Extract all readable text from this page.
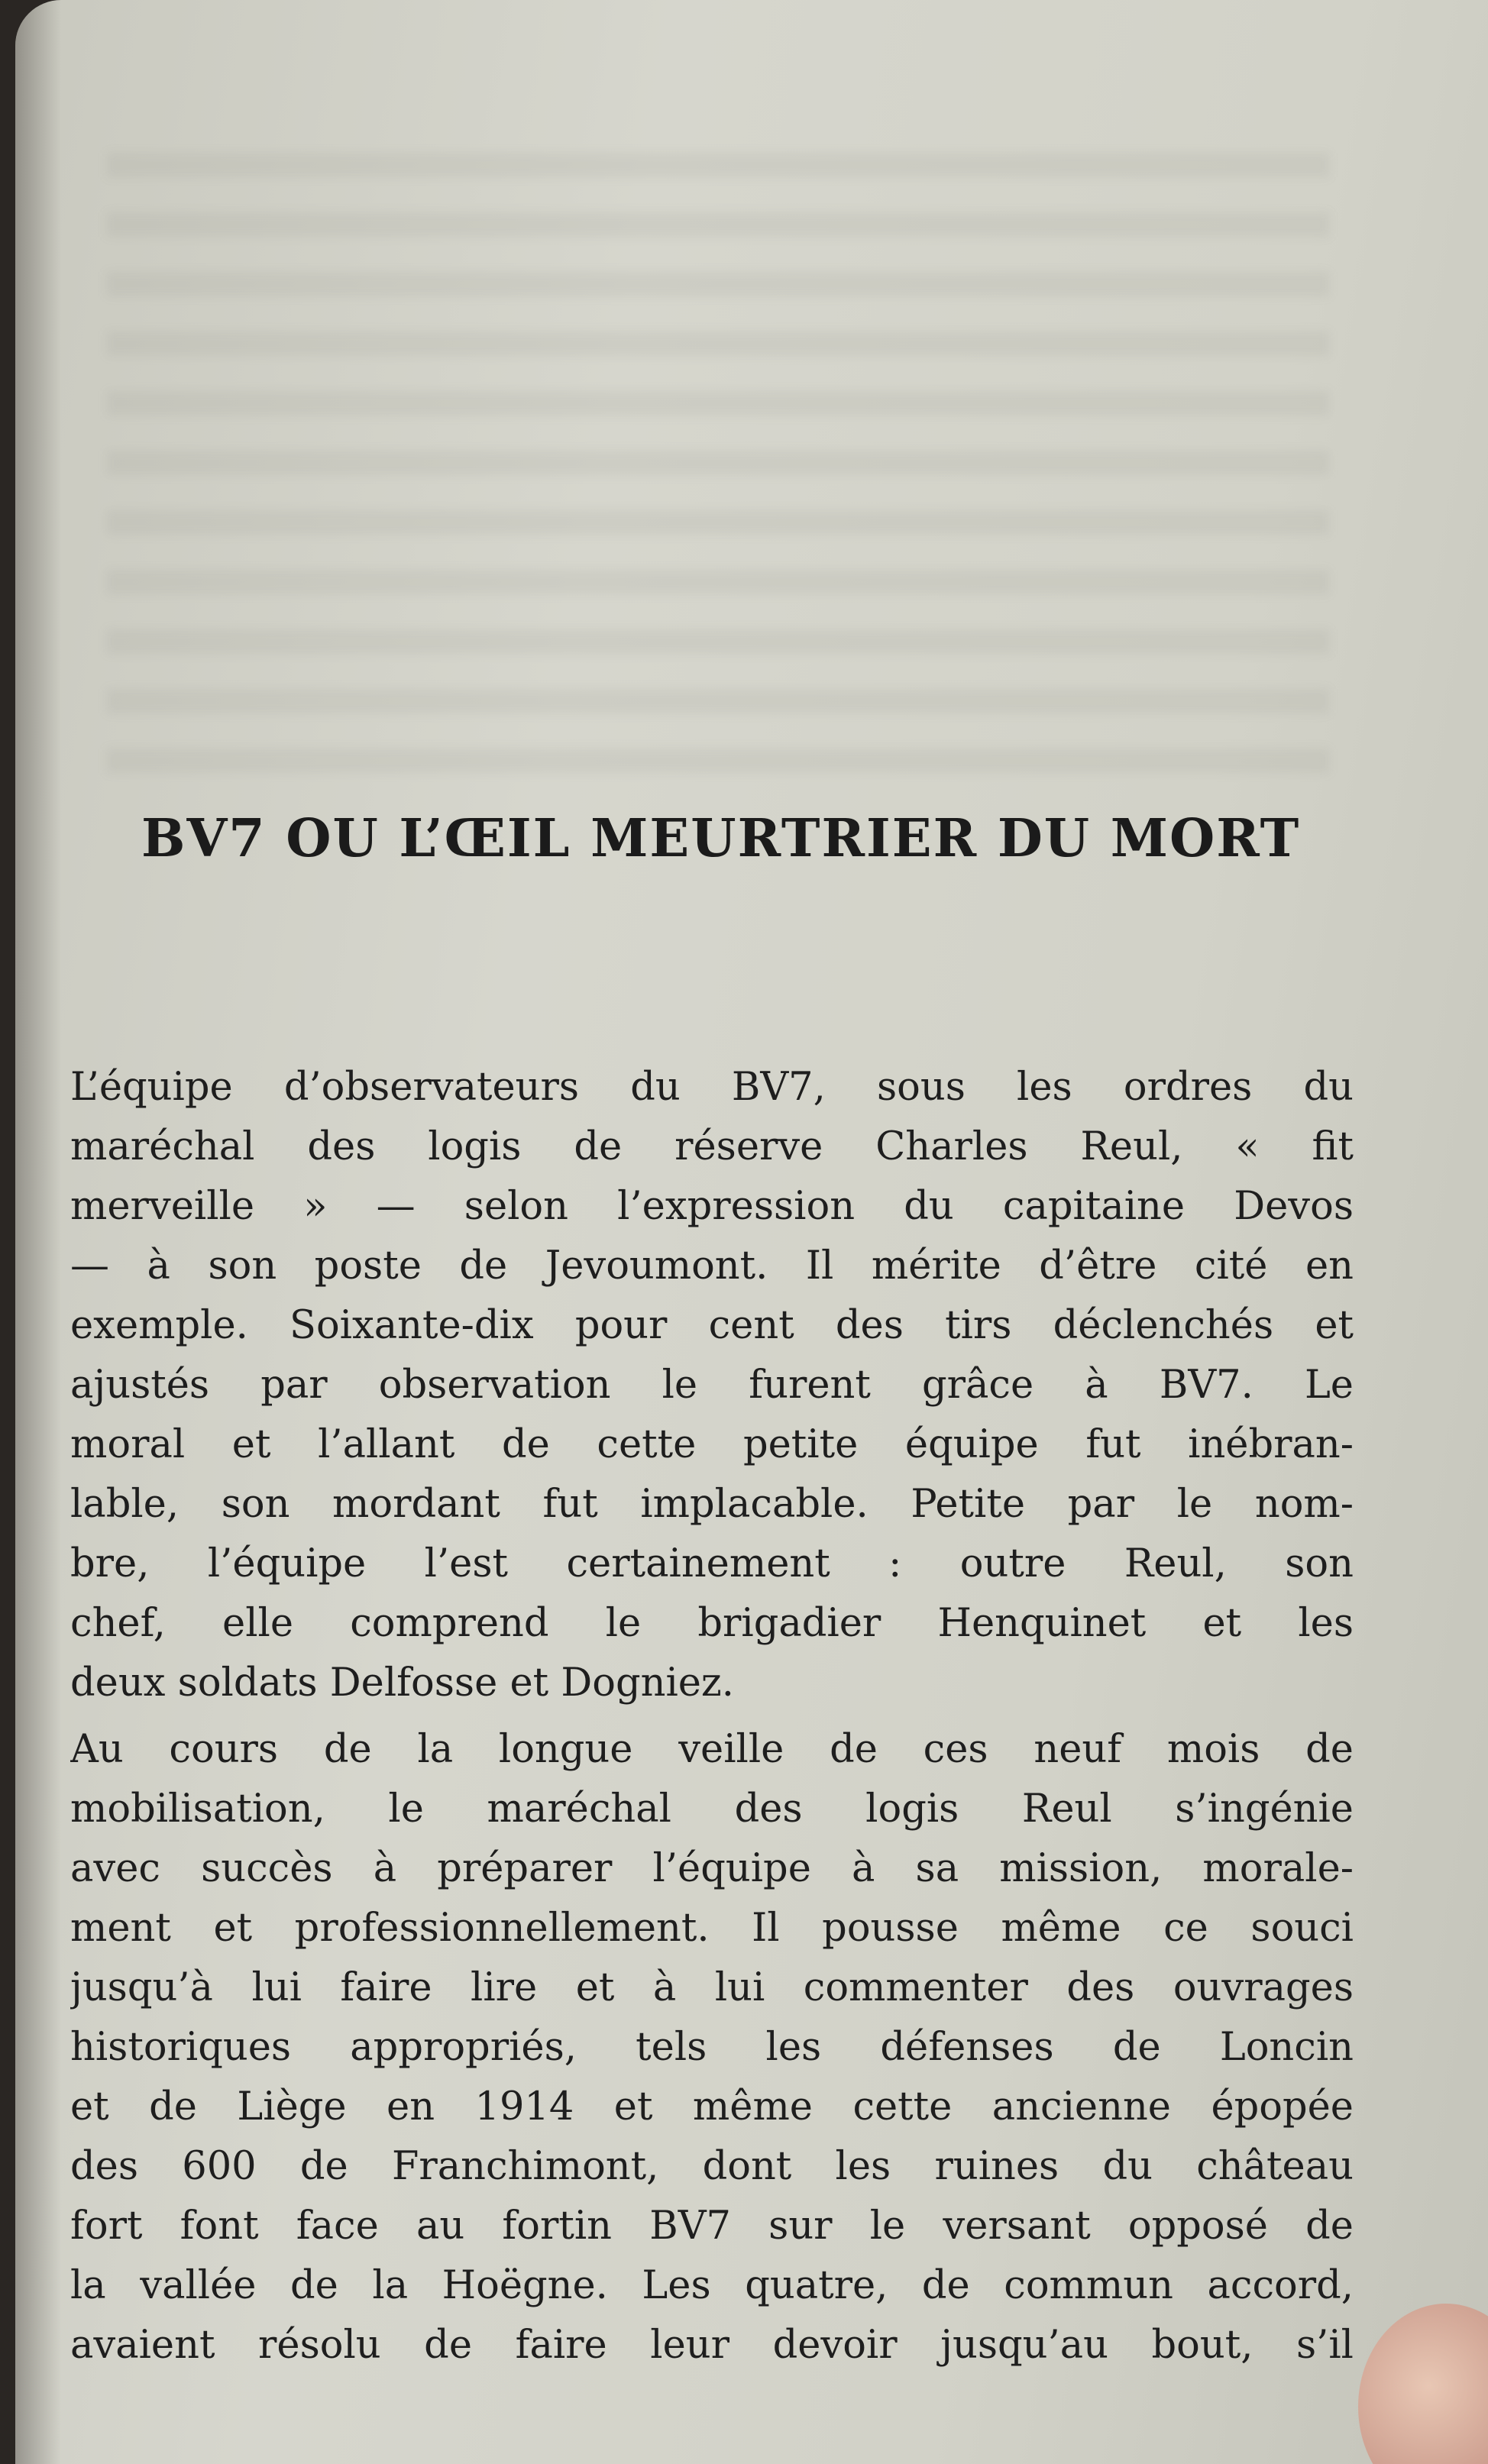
BV7 OU L’ŒIL MEURTRIER DU MORT
L’équipe d’observateurs du BV7, sous les ordres du
maréchal des logis de réserve Charles Reul, « fit
merveille » — selon l’expression du capitaine Devos
— à son poste de Jevoumont. Il mérite d’être cité en
exemple. Soixante-dix pour cent des tirs déclenchés et
ajustés par observation le furent grâce à BV7. Le
moral et l’allant de cette petite équipe fut inébran-
lable, son mordant fut implacable. Petite par le nom-
bre, l’équipe l’est certainement : outre Reul, son
chef, elle comprend le brigadier Henquinet et les
deux soldats Delfosse et Dogniez.
Au cours de la longue veille de ces neuf mois de
mobilisation, le maréchal des logis Reul s’ingénie
avec succès à préparer l’équipe à sa mission, morale-
ment et professionnellement. Il pousse même ce souci
jusqu’à lui faire lire et à lui commenter des ouvrages
historiques appropriés, tels les défenses de Loncin
et de Liège en 1914 et même cette ancienne épopée
des 600 de Franchimont, dont les ruines du château
fort font face au fortin BV7 sur le versant opposé de
la vallée de la Hoëgne. Les quatre, de commun accord,
avaient résolu de faire leur devoir jusqu’au bout, s’il
